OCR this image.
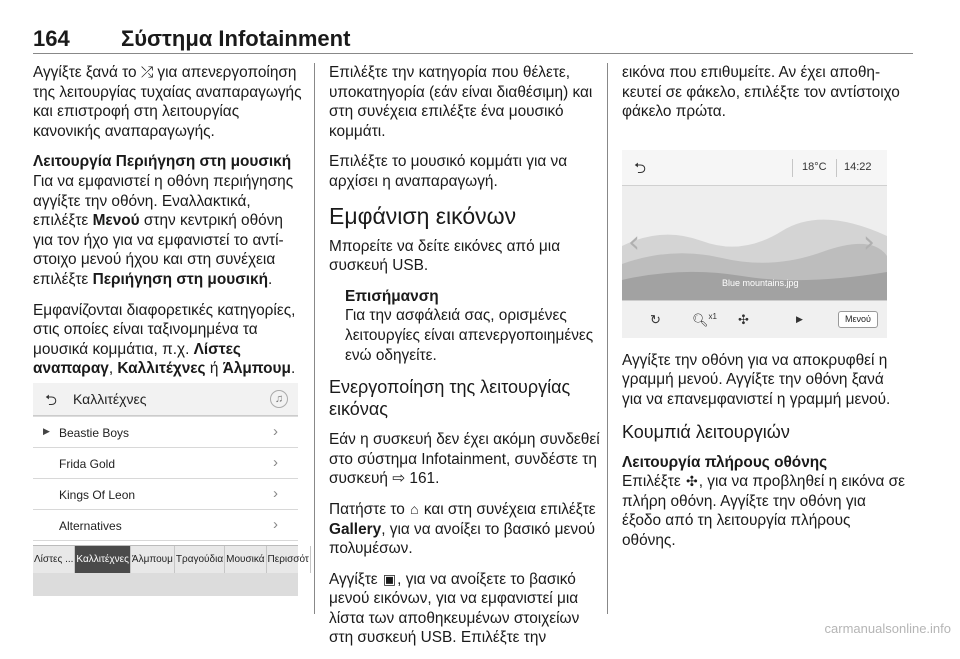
164 Σύστημα Infotainment

Αγγίξτε ξανά το ⤮ για απενεργοποίηση της λειτουργίας τυχαίας αναπαραγωγής και επιστροφή στη λειτουργίας κανονικής αναπαραγωγής.

Λειτουργία Περιήγηση στη μουσική

Για να εμφανιστεί η οθόνη περιήγησης αγγίξτε την οθόνη. Εναλλακτικά, επιλέξτε Μενού στην κεντρική οθόνη για τον ήχο για να εμφανιστεί το αντίστοιχο μενού ήχου και στη συνέχεια επιλέξτε Περιήγηση στη μουσική.

Εμφανίζονται διαφορετικές κατηγορίες, στις οποίες είναι ταξινομημένα τα μουσικά κομμάτια, π.χ. Λίστες αναπαραγ, Καλλιτέχνες ή Άλμπουμ.

⮌ Καλλιτέχνες	♫
▶ Beastie Boys	›
Frida Gold	›
Kings Of Leon	›
Alternatives	›
Λίστες ... Καλλιτέχνες Άλμπουμ Τραγούδια Μουσικά Περισσότ

Επιλέξτε την κατηγορία που θέλετε, υποκατηγορία (εάν είναι διαθέσιμη) και στη συνέχεια επιλέξτε ένα μουσικό κομμάτι.

Επιλέξτε το μουσικό κομμάτι για να αρχίσει η αναπαραγωγή.

Εμφάνιση εικόνων

Μπορείτε να δείτε εικόνες από μια συσκευή USB.

Επισήμανση
Για την ασφάλειά σας, ορισμένες λειτουργίες είναι απενεργοποιημένες ενώ οδηγείτε.
Ενεργοποίηση της λειτουργίας εικόνας

Εάν η συσκευή δεν έχει ακόμη συνδεθεί στο σύστημα Infotainment, συνδέστε τη συσκευή ⇨ 161.

Πατήστε το ⌂ και στη συνέχεια επιλέξτε Gallery, για να ανοίξει το βασικό μενού πολυμέσων.

Αγγίξτε ▣, για να ανοίξετε το βασικό μενού εικόνων, για να εμφανιστεί μια λίστα των αποθηκευμένων στοιχείων στη συσκευή USB. Επιλέξτε την

εικόνα που επιθυμείτε. Αν έχει αποθηκευτεί σε φάκελο, επιλέξτε τον αντίστοιχο φάκελο πρώτα.

Αγγίξτε την οθόνη για να αποκρυφθεί η γραμμή μενού. Αγγίξτε την οθόνη ξανά για να επανεμφανιστεί η γραμμή μενού.

Κουμπιά λειτουργιών
Λειτουργία πλήρους οθόνης

Επιλέξτε ✣, για να προβληθεί η εικόνα σε πλήρη οθόνη. Αγγίξτε την οθόνη για έξοδο από τη λειτουργία πλήρους οθόνης.

⮌	18°C 14:22
‹	›
Blue mountains.jpg
↻ 🔍︎$^{x1}$ ✣	▶	Μενού
carmanualsonline.info
